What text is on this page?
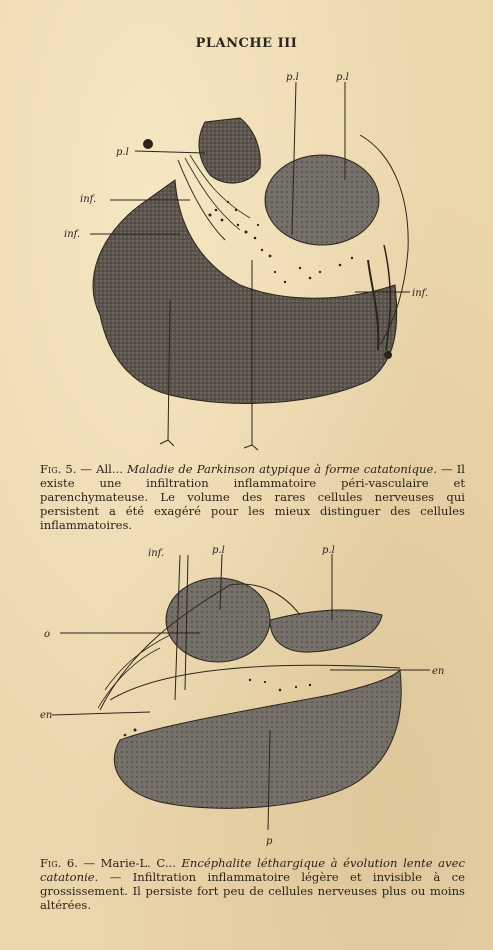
PLANCHE III
p.l	p.l
p.l
inf.
inf.
inf.

Fig. 5. — All... Maladie de Parkinson atypique à forme catatonique. — Il existe une infiltration inflammatoire péri-vasculaire et parenchymateuse. Le volume des rares cellules nerveuses qui persistent a été exagéré pour les mieux distinguer des cellules inflammatoires.

inf.	p.l	p.l
o
en
en
p

Fig. 6. — Marie-L. C... Encéphalite léthargique à évolution lente avec catatonie. — Infiltration inflammatoire légère et invisible à ce grossissement. Il persiste fort peu de cellules nerveuses plus ou moins altérées.
